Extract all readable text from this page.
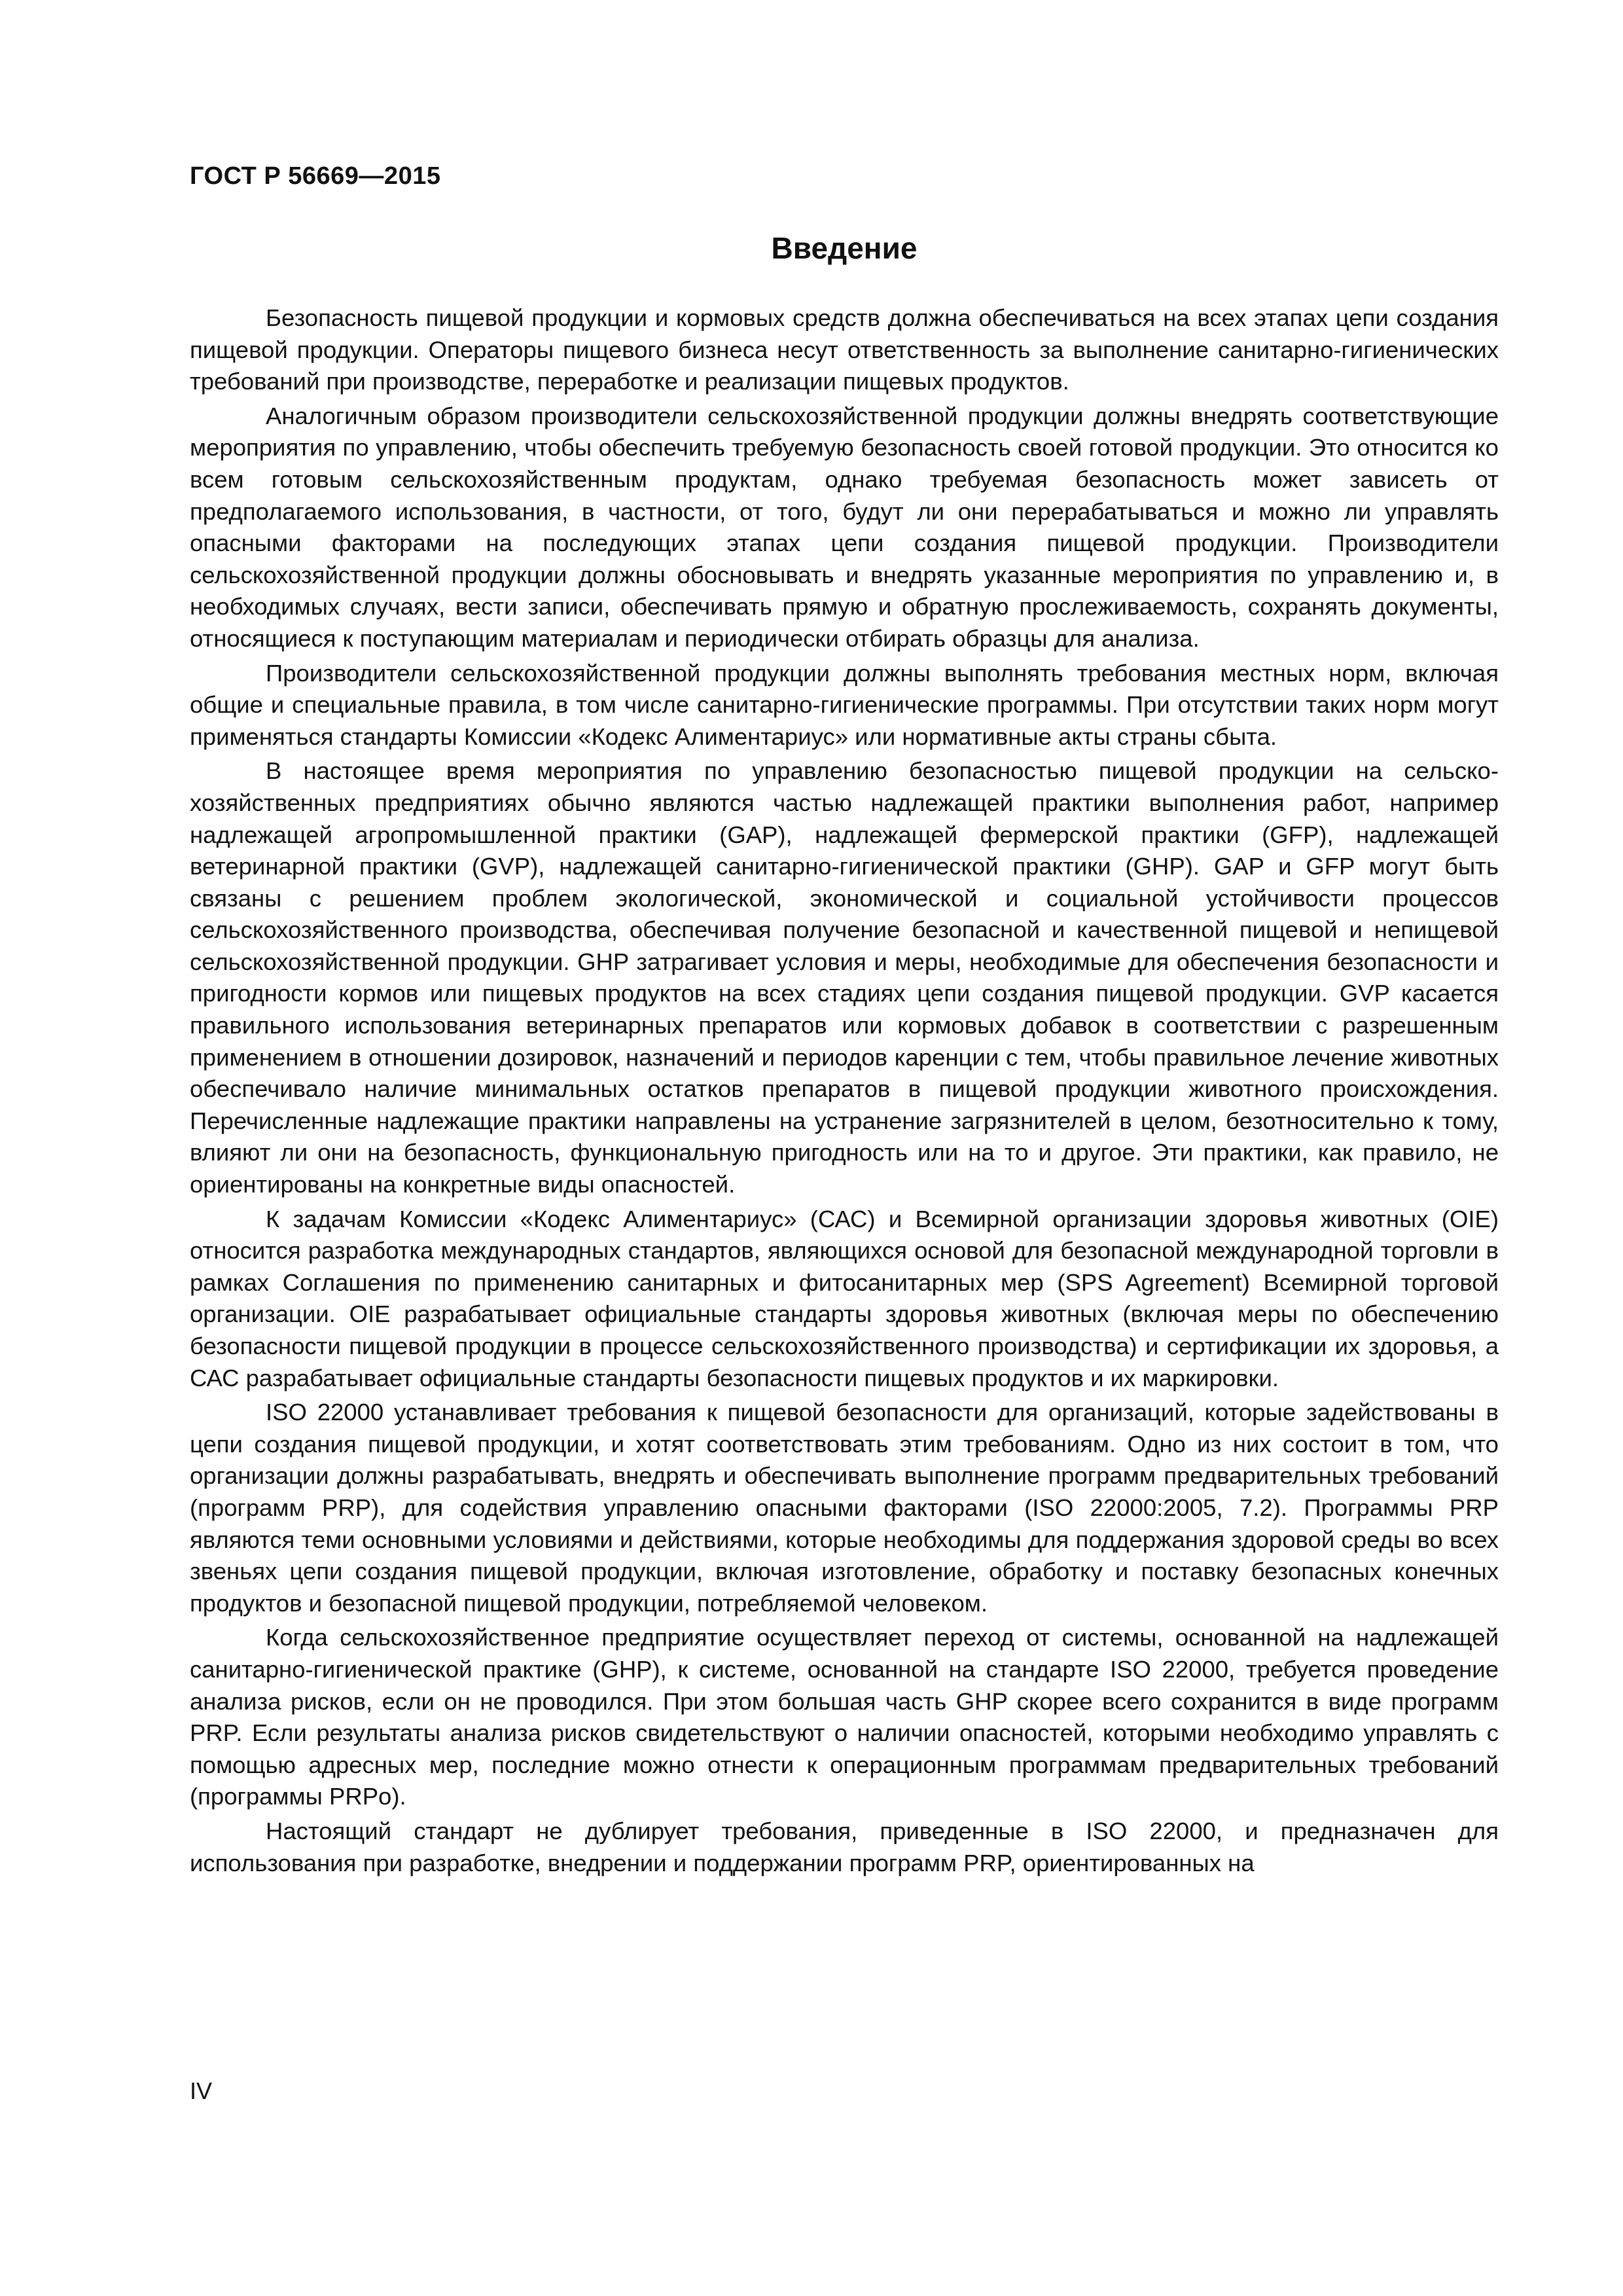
ГОСТ Р 56669—2015
Введение

Безопасность пищевой продукции и кормовых средств должна обеспечиваться на всех этапах цепи создания пищевой продукции. Операторы пищевого бизнеса несут ответственность за выполнение санитарно-гигиенических требований при производстве, переработке и реализации пищевых продуктов.

Аналогичным образом производители сельскохозяйственной продукции должны внедрять соответствующие мероприятия по управлению, чтобы обеспечить требуемую безопасность своей готовой продукции. Это относится ко всем готовым сельскохозяйственным продуктам, однако требуемая безопасность может зависеть от предполагаемого использования, в частности, от того, будут ли они перерабатываться и можно ли управлять опасными факторами на последующих этапах цепи создания пищевой продукции. Производители сельскохозяйственной продукции должны обосновывать и внедрять указанные мероприятия по управлению и, в необходимых случаях, вести записи, обеспечивать прямую и обратную прослеживаемость, сохранять документы, относящиеся к поступающим материалам и периодически отбирать образцы для анализа.

Производители сельскохозяйственной продукции должны выполнять требования местных норм, включая общие и специальные правила, в том числе санитарно-гигиенические программы. При отсутствии таких норм могут применяться стандарты Комиссии «Кодекс Алиментариус» или нормативные акты страны сбыта.

В настоящее время мероприятия по управлению безопасностью пищевой продукции на сельскохозяйственных предприятиях обычно являются частью надлежащей практики выполнения работ, например надлежащей агропромышленной практики (GAP), надлежащей фермерской практики (GFP), надлежащей ветеринарной практики (GVP), надлежащей санитарно-гигиенической практики (GHP). GAP и GFP могут быть связаны с решением проблем экологической, экономической и социальной устойчивости процессов сельскохозяйственного производства, обеспечивая получение безопасной и качественной пищевой и непищевой сельскохозяйственной продукции. GHP затрагивает условия и меры, необходимые для обеспечения безопасности и пригодности кормов или пищевых продуктов на всех стадиях цепи создания пищевой продукции. GVP касается правильного использования ветеринарных препаратов или кормовых добавок в соответствии с разрешенным применением в отношении дозировок, назначений и периодов каренции с тем, чтобы правильное лечение животных обеспечивало наличие минимальных остатков препаратов в пищевой продукции животного происхождения. Перечисленные надлежащие практики направлены на устранение загрязнителей в целом, безотносительно к тому, влияют ли они на безопасность, функциональную пригодность или на то и другое. Эти практики, как правило, не ориентированы на конкретные виды опасностей.

К задачам Комиссии «Кодекс Алиментариус» (САС) и Всемирной организации здоровья животных (OIE) относится разработка международных стандартов, являющихся основой для безопасной международной торговли в рамках Соглашения по применению санитарных и фитосанитарных мер (SPS Agreement) Всемирной торговой организации. OIE разрабатывает официальные стандарты здоровья животных (включая меры по обеспечению безопасности пищевой продукции в процессе сельскохозяйственного производства) и сертификации их здоровья, а САС разрабатывает официальные стандарты безопасности пищевых продуктов и их маркировки.

ISO 22000 устанавливает требования к пищевой безопасности для организаций, которые задействованы в цепи создания пищевой продукции, и хотят соответствовать этим требованиям. Одно из них состоит в том, что организации должны разрабатывать, внедрять и обеспечивать выполнение программ предварительных требований (программ PRP), для содействия управлению опасными факторами (ISO 22000:2005, 7.2). Программы PRP являются теми основными условиями и действиями, которые необходимы для поддержания здоровой среды во всех звеньях цепи создания пищевой продукции, включая изготовление, обработку и поставку безопасных конечных продуктов и безопасной пищевой продукции, потребляемой человеком.

Когда сельскохозяйственное предприятие осуществляет переход от системы, основанной на надлежащей санитарно-гигиенической практике (GHP), к системе, основанной на стандарте ISO 22000, требуется проведение анализа рисков, если он не проводился. При этом большая часть GHP скорее всего сохранится в виде программ PRP. Если результаты анализа рисков свидетельствуют о наличии опасностей, которыми необходимо управлять с помощью адресных мер, последние можно отнести к операционным программам предварительных требований (программы PRPо).

Настоящий стандарт не дублирует требования, приведенные в ISO 22000, и предназначен для использования при разработке, внедрении и поддержании программ PRP, ориентированных на

IV
